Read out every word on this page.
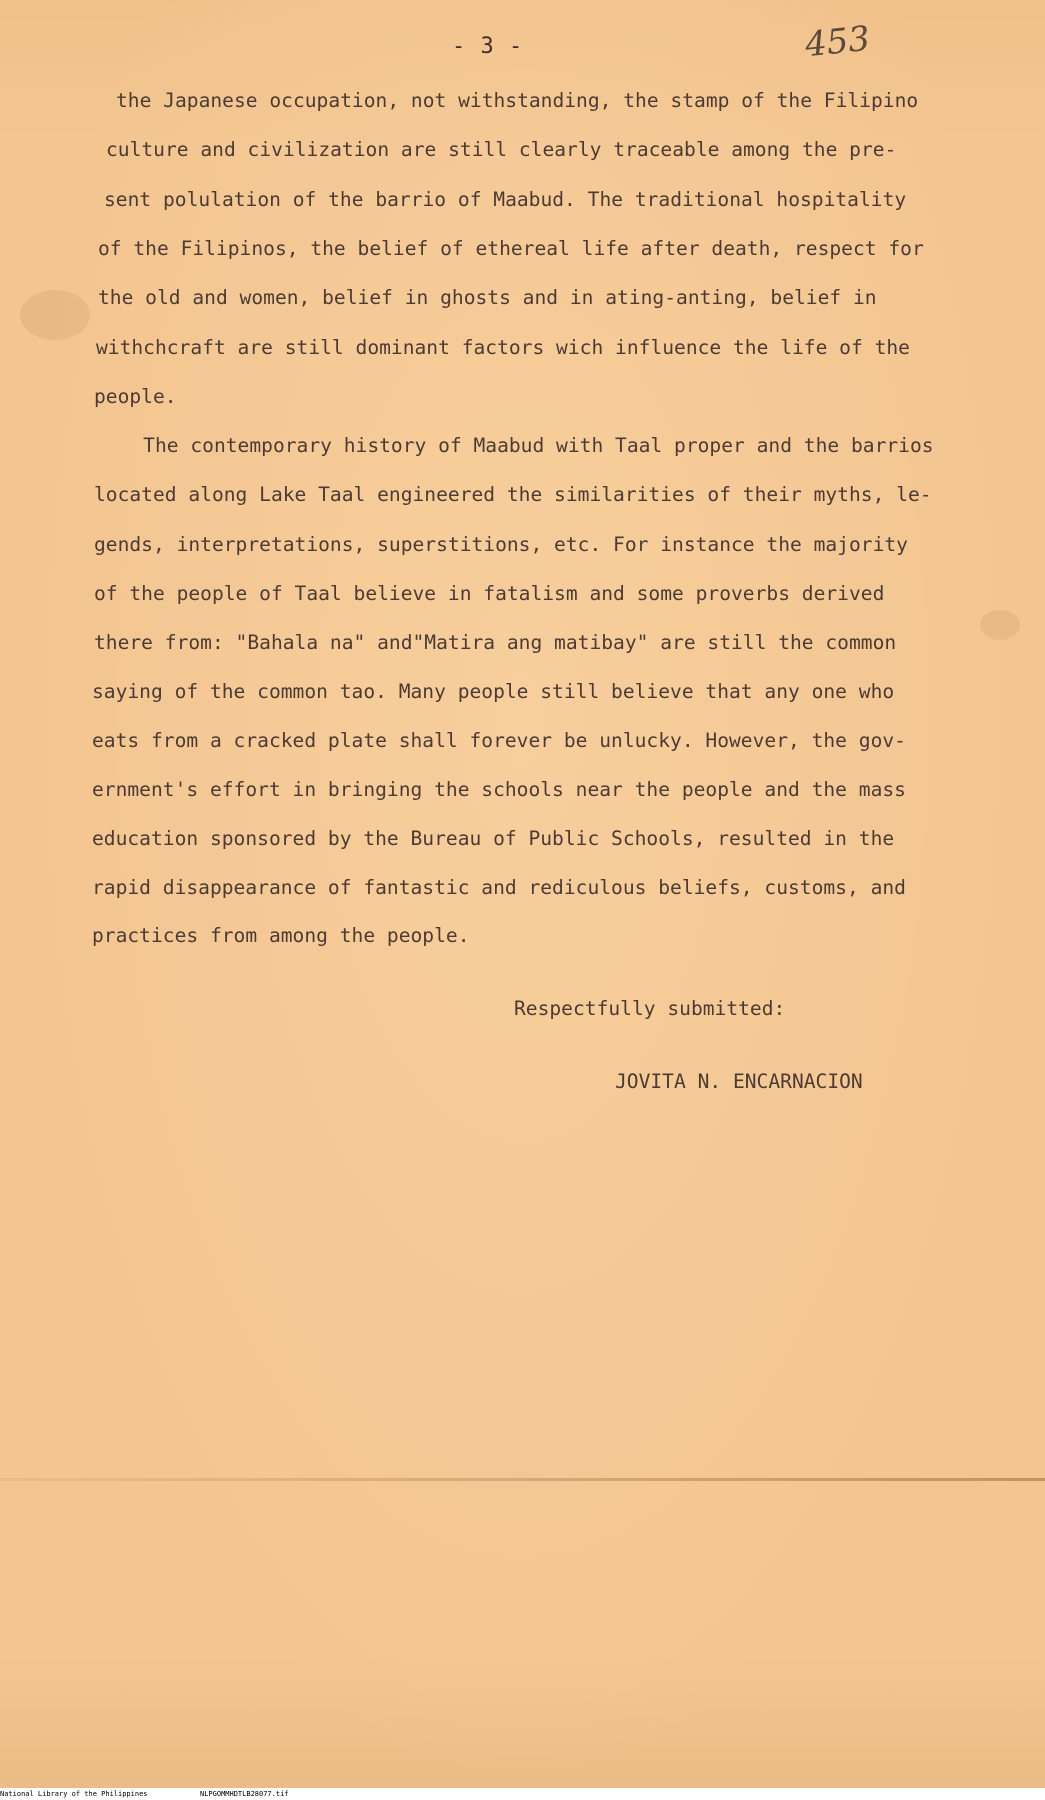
- 3 -	453
the Japanese occupation, not withstanding, the stamp of the Filipino
culture and civilization are still clearly traceable among the pre-
sent polulation of the barrio of Maabud. The traditional hospitality
of the Filipinos, the belief of ethereal life after death, respect for
the old and women, belief in ghosts and in ating-anting, belief in
withchcraft are still dominant factors wich influence the life of the
people.
The contemporary history of Maabud with Taal proper and the barrios
located along Lake Taal engineered the similarities of their myths, le-
gends, interpretations, superstitions, etc. For instance the majority
of the people of Taal believe in fatalism and some proverbs derived
there from: "Bahala na" and"Matira ang matibay" are still the common
saying of the common tao. Many people still believe that any one who
eats from a cracked plate shall forever be unlucky. However, the gov-
ernment's effort in bringing the schools near the people and the mass
education sponsored by the Bureau of Public Schools, resulted in the
rapid disappearance of fantastic and rediculous beliefs, customs, and
practices from among the people.
Respectfully submitted:
JOVITA N. ENCARNACION
National Library of the Philippines	NLPGOMMHDTLB28077.tif
